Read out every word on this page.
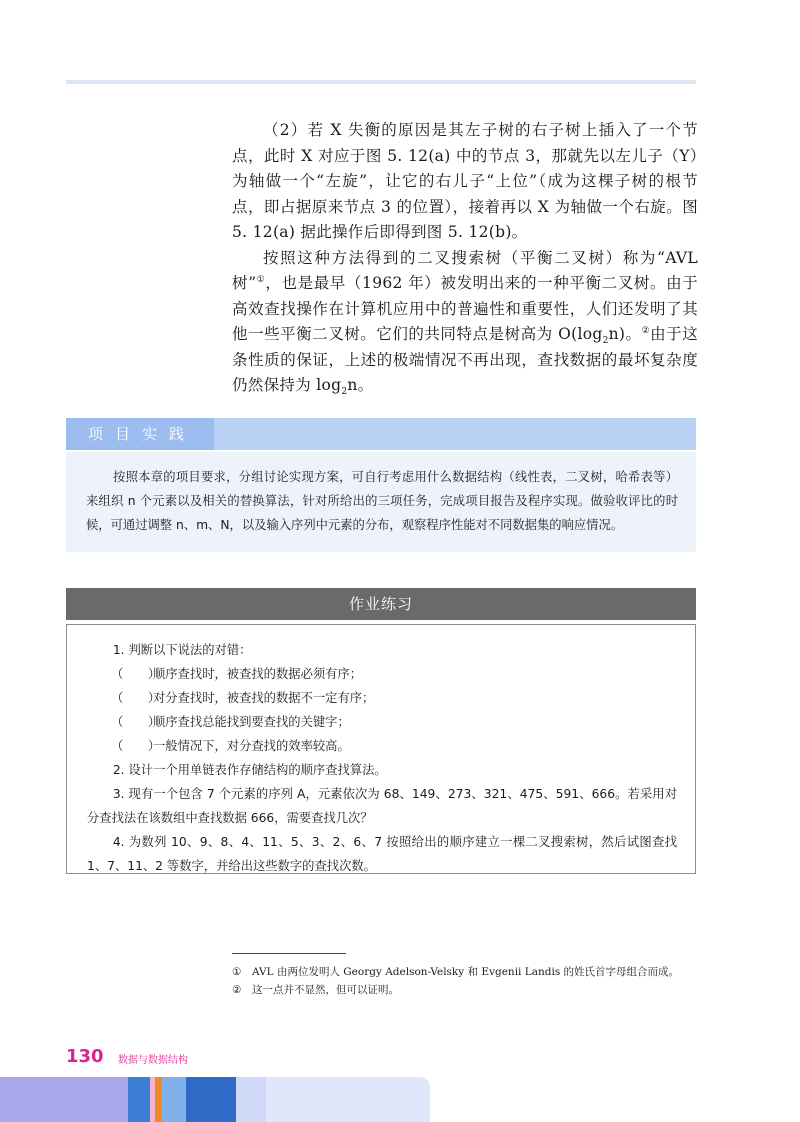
（2）若 X 失衡的原因是其左子树的右子树上插入了一个节点，此时 X 对应于图 5. 12(a) 中的节点 3，那就先以左儿子（Y）为轴做一个“左旋”，让它的右儿子“上位”（成为这棵子树的根节点，即占据原来节点 3 的位置），接着再以 X 为轴做一个右旋。图 5. 12(a) 据此操作后即得到图 5. 12(b)。

按照这种方法得到的二叉搜索树（平衡二叉树）称为“AVL 树”①，也是最早（1962 年）被发明出来的一种平衡二叉树。由于高效查找操作在计算机应用中的普遍性和重要性，人们还发明了其他一些平衡二叉树。它们的共同特点是树高为 $O(\log_2n)$。②由于这条性质的保证，上述的极端情况不再出现，查找数据的最坏复杂度仍然保持为 $\log_2n$。

项目实践

按照本章的项目要求，分组讨论实现方案，可自行考虑用什么数据结构（线性表，二叉树，哈希表等）来组织 n 个元素以及相关的替换算法，针对所给出的三项任务，完成项目报告及程序实现。做验收评比的时候，可通过调整 n、m、N，以及输入序列中元素的分布，观察程序性能对不同数据集的响应情况。

作业练习

1. 判断以下说法的对错：

（　　）顺序查找时，被查找的数据必须有序；

（　　）对分查找时，被查找的数据不一定有序；

（　　）顺序查找总能找到要查找的关键字；

（　　）一般情况下，对分查找的效率较高。

2. 设计一个用单链表作存储结构的顺序查找算法。

3. 现有一个包含 7 个元素的序列 A，元素依次为 68、149、273、321、475、591、666。若采用对分查找法在该数组中查找数据 666，需要查找几次？

4. 为数列 10、9、8、4、11、5、3、2、6、7 按照给出的顺序建立一棵二叉搜索树，然后试图查找 1、7、11、2 等数字，并给出这些数字的查找次数。

① AVL 由两位发明人 Georgy Adelson-Velsky 和 Evgenii Landis 的姓氏首字母组合而成。

② 这一点并不显然，但可以证明。

130 数据与数据结构
